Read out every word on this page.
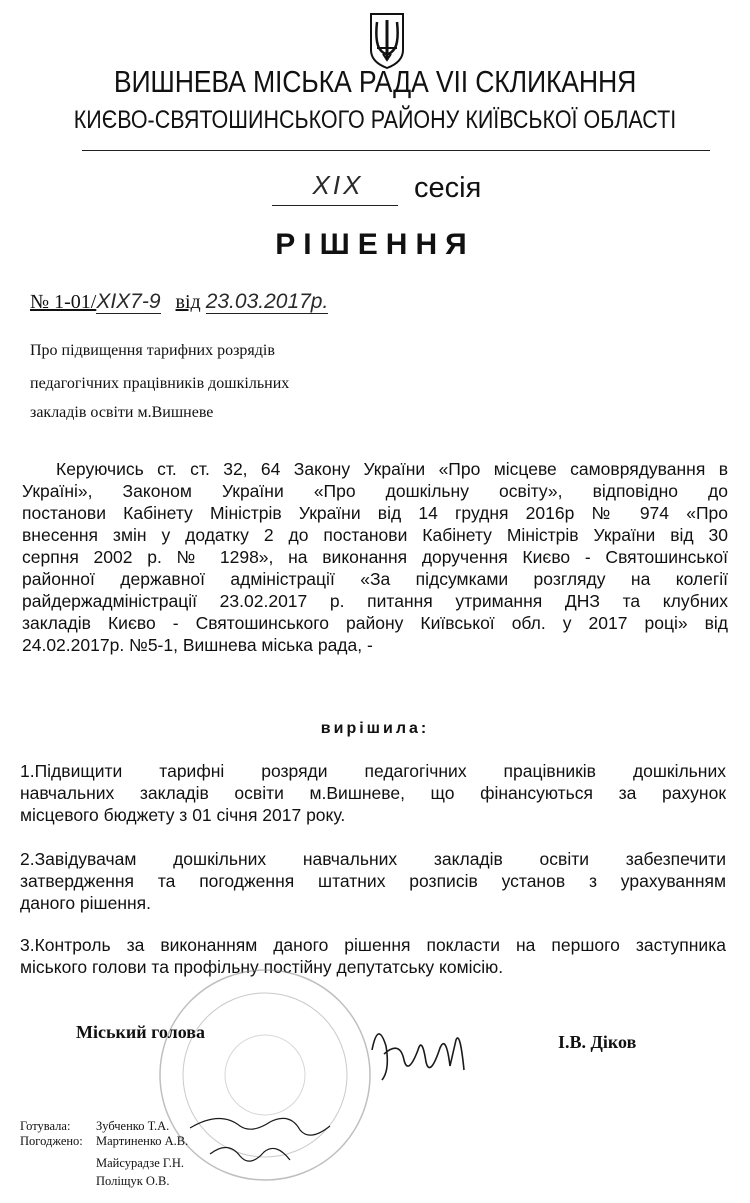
ВИШНЕВА МІСЬКА РАДА VII СКЛИКАННЯ
КИЄВО-СВЯТОШИНСЬКОГО РАЙОНУ КИЇВСЬКОЇ ОБЛАСТІ
XIX	сесія
РІШЕННЯ
№ 1-01/XIX7-9 від 23.03.2017р.
Про підвищення тарифних розрядів
педагогічних працівників дошкільних
закладів освіти м.Вишневе
Керуючись ст. ст. 32, 64 Закону України «Про місцеве самоврядування в
Україні», Законом України «Про дошкільну освіту», відповідно до
постанови Кабінету Міністрів України від 14 грудня 2016р № 974 «Про
внесення змін у додатку 2 до постанови Кабінету Міністрів України від 30
серпня 2002 р. № 1298», на виконання доручення Києво - Святошинської
районної державної адміністрації «За підсумками розгляду на колегії
райдержадміністрації 23.02.2017 р. питання утримання ДНЗ та клубних
закладів Києво - Святошинського району Київської обл. у 2017 році» від
24.02.2017р. №5-1, Вишнева міська рада, -
вирішила:
1.Підвищити тарифні розряди педагогічних працівників дошкільних
навчальних закладів освіти м.Вишневе, що фінансуються за рахунок
місцевого бюджету з 01 січня 2017 року.
2.Завідувачам дошкільних навчальних закладів освіти забезпечити
затвердження та погодження штатних розписів установ з урахуванням
даного рішення.
3.Контроль за виконанням даного рішення покласти на першого заступника
міського голови та профільну постійну депутатську комісію.
Міський голова	І.В. Діков
Готувала: Зубченко Т.А.
Погоджено: Мартиненко А.В.
Майсурадзе Г.Н.
Поліщук О.В.
